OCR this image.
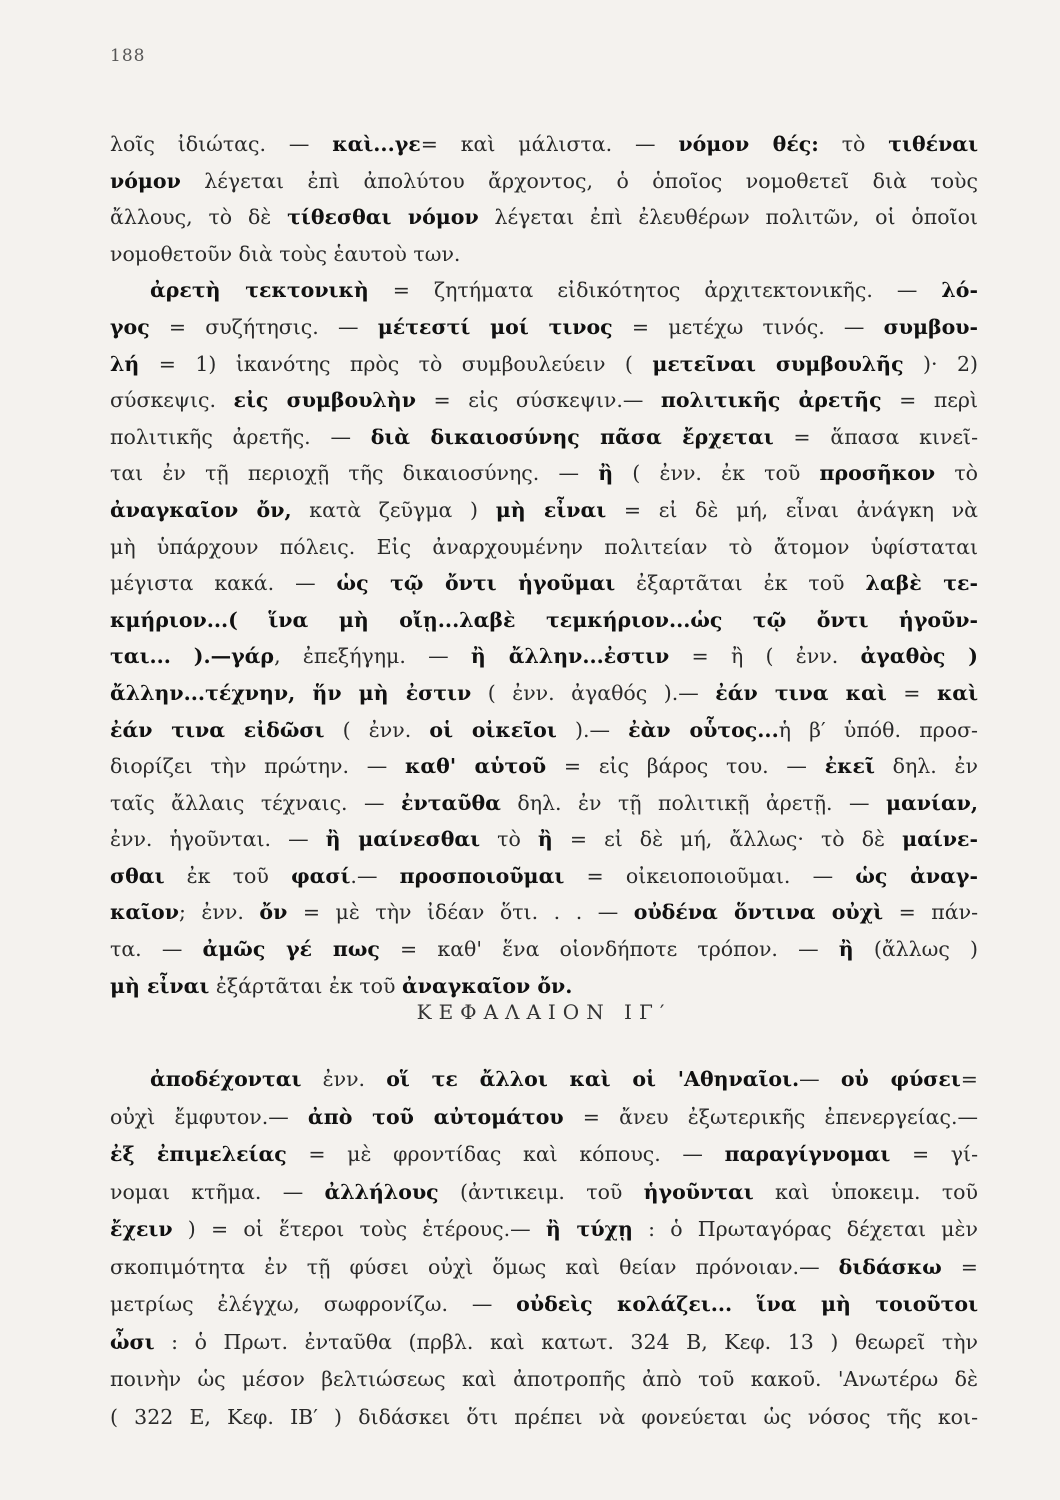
188
λοῖς ἰδιώτας. — καὶ...γε= καὶ μάλιστα. — νόμον θές: τὸ τιθέναι
νόμον λέγεται ἐπὶ ἀπολύτου ἄρχοντος, ὁ ὁποῖος νομοθετεῖ διὰ τοὺς
ἄλλους, τὸ δὲ τίθεσθαι νόμον λέγεται ἐπὶ ἐλευθέρων πολιτῶν, οἱ ὁποῖοι
νομοθετοῦν διὰ τοὺς ἑαυτοὺ των.
ἀρετὴ τεκτονικὴ = ζητήματα εἰδικότητος ἀρχιτεκτονικῆς. — λό-
γος = συζήτησις. — μέτεστί μοί τινος = μετέχω τινός. — συμβου-
λή = 1) ἱκανότης πρὸς τὸ συμβουλεύειν ( μετεῖναι συμβουλῆς )· 2)
σύσκεψις. εἰς συμβουλὴν = εἰς σύσκεψιν.— πολιτικῆς ἀρετῆς = περὶ
πολιτικῆς ἀρετῆς. — διὰ δικαιοσύνης πᾶσα ἔρχεται = ἅπασα κινεῖ-
ται ἐν τῇ περιοχῇ τῆς δικαιοσύνης. — ἢ ( ἐνν. ἐκ τοῦ προσῆκον τὸ
ἀναγκαῖον ὄν, κατὰ ζεῦγμα ) μὴ εἶναι = εἰ δὲ μή, εἶναι ἀνάγκη νὰ
μὴ ὑπάρχουν πόλεις. Εἰς ἀναρχουμένην πολιτείαν τὸ ἄτομον ὑφίσταται
μέγιστα κακά. — ὡς τῷ ὄντι ἡγοῦμαι ἐξαρτᾶται ἐκ τοῦ λαβὲ τε-
κμήριον...( ἵνα μὴ οἴῃ...λαβὲ τεμκήριον...ὡς τῷ ὄντι ἡγοῦν-
ται... ).—γάρ, ἐπεξήγημ. — ἢ ἄλλην...ἐστιν = ἢ ( ἐνν. ἀγαθὸς )
ἄλλην...τέχνην, ἥν μὴ ἐστιν ( ἐνν. ἀγαθός ).— ἐάν τινα καὶ = καὶ
ἐάν τινα εἰδῶσι ( ἐνν. οἱ οἰκεῖοι ).— ἐὰν οὗτος...ἡ β′ ὑπόθ. προσ-
διορίζει τὴν πρώτην. — καθ' αὑτοῦ = εἰς βάρος του. — ἐκεῖ δηλ. ἐν
ταῖς ἄλλαις τέχναις. — ἐνταῦθα δηλ. ἐν τῇ πολιτικῇ ἀρετῇ. — μανίαν,
ἐνν. ἡγοῦνται. — ἢ μαίνεσθαι τὸ ἢ = εἰ δὲ μή, ἄλλως· τὸ δὲ μαίνε-
σθαι ἐκ τοῦ φασί.— προσποιοῦμαι = οἰκειοποιοῦμαι. — ὡς ἀναγ-
καῖον; ἐνν. ὄν = μὲ τὴν ἰδέαν ὅτι. . . — οὐδένα ὅντινα οὐχὶ = πάν-
τα. — ἀμῶς γέ πως = καθ' ἕνα οἱονδήποτε τρόπον. — ἢ (ἄλλως )
μὴ εἶναι ἐξάρτᾶται ἐκ τοῦ ἀναγκαῖον ὄν.
ΚΕΦΑΛΑΙΟΝ ΙΓ′
ἀποδέχονται ἐνν. οἵ τε ἄλλοι καὶ οἱ 'Αθηναῖοι.— οὐ φύσει=
οὐχὶ ἔμφυτον.— ἀπὸ τοῦ αὐτομάτου = ἄνευ ἐξωτερικῆς ἐπενεργείας.—
ἐξ ἐπιμελείας = μὲ φροντίδας καὶ κόπους. — παραγίγνομαι = γί-
νομαι κτῆμα. — ἀλλήλους (ἀντικειμ. τοῦ ἡγοῦνται καὶ ὑποκειμ. τοῦ
ἔχειν ) = οἱ ἕτεροι τοὺς ἑτέρους.— ἢ τύχῃ : ὁ Πρωταγόρας δέχεται μὲν
σκοπιμότητα ἐν τῇ φύσει οὐχὶ ὅμως καὶ θείαν πρόνοιαν.— διδάσκω =
μετρίως ἐλέγχω, σωφρονίζω. — οὐδεὶς κολάζει... ἵνα μὴ τοιοῦτοι
ὦσι : ὁ Πρωτ. ἐνταῦθα (πρβλ. καὶ κατωτ. 324 Β, Κεφ. 13 ) θεωρεῖ τὴν
ποινὴν ὡς μέσον βελτιώσεως καὶ ἀποτροπῆς ἀπὸ τοῦ κακοῦ. 'Ανωτέρω δὲ
( 322 Ε, Κεφ. ΙΒ′ ) διδάσκει ὅτι πρέπει νὰ φονεύεται ὡς νόσος τῆς κοι-
